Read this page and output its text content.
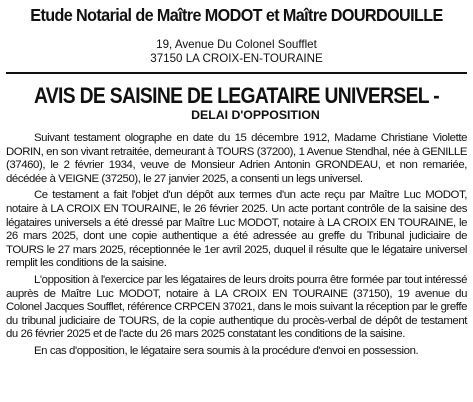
Etude Notarial de Maître MODOT et Maître DOURDOUILLE

19, Avenue Du Colonel Soufflet

37150 LA CROIX-EN-TOURAINE

AVIS DE SAISINE DE LEGATAIRE UNIVERSEL -
DELAI D'OPPOSITION

Suivant testament olographe en date du 15 décembre 1912, Madame Christiane Violette DORIN, en son vivant retraitée, demeurant à TOURS (37200), 1 Avenue Stendhal, née à GENILLE (37460), le 2 février 1934, veuve de Monsieur Adrien Antonin GRONDEAU, et non remariée, décédée à VEIGNE (37250), le 27 janvier 2025, a consenti un legs universel.

Ce testament a fait l'objet d'un dépôt aux termes d'un acte reçu par Maître Luc MODOT, notaire à LA CROIX EN TOURAINE, le 26 février 2025. Un acte portant contrôle de la saisine des légataires universels a été dressé par Maître Luc MODOT, notaire à LA CROIX EN TOURAINE, le 26 mars 2025, dont une copie authentique a été adressée au greffe du Tribunal judiciaire de TOURS le 27 mars 2025, réceptionnée le 1er avril 2025, duquel il résulte que le légataire universel remplit les conditions de la saisine.

L'opposition à l'exercice par les légataires de leurs droits pourra être formée par tout intéressé auprès de Maître Luc MODOT, notaire à LA CROIX EN TOURAINE (37150), 19 avenue du Colonel Jacques Soufflet, référence CRPCEN 37021, dans le mois suivant la réception par le greffe du tribunal judiciaire de TOURS, de la copie authentique du procès-verbal de dépôt de testament du 26 février 2025 et de l'acte du 26 mars 2025 constatant les conditions de la saisine.

En cas d'opposition, le légataire sera soumis à la procédure d'envoi en possession.
